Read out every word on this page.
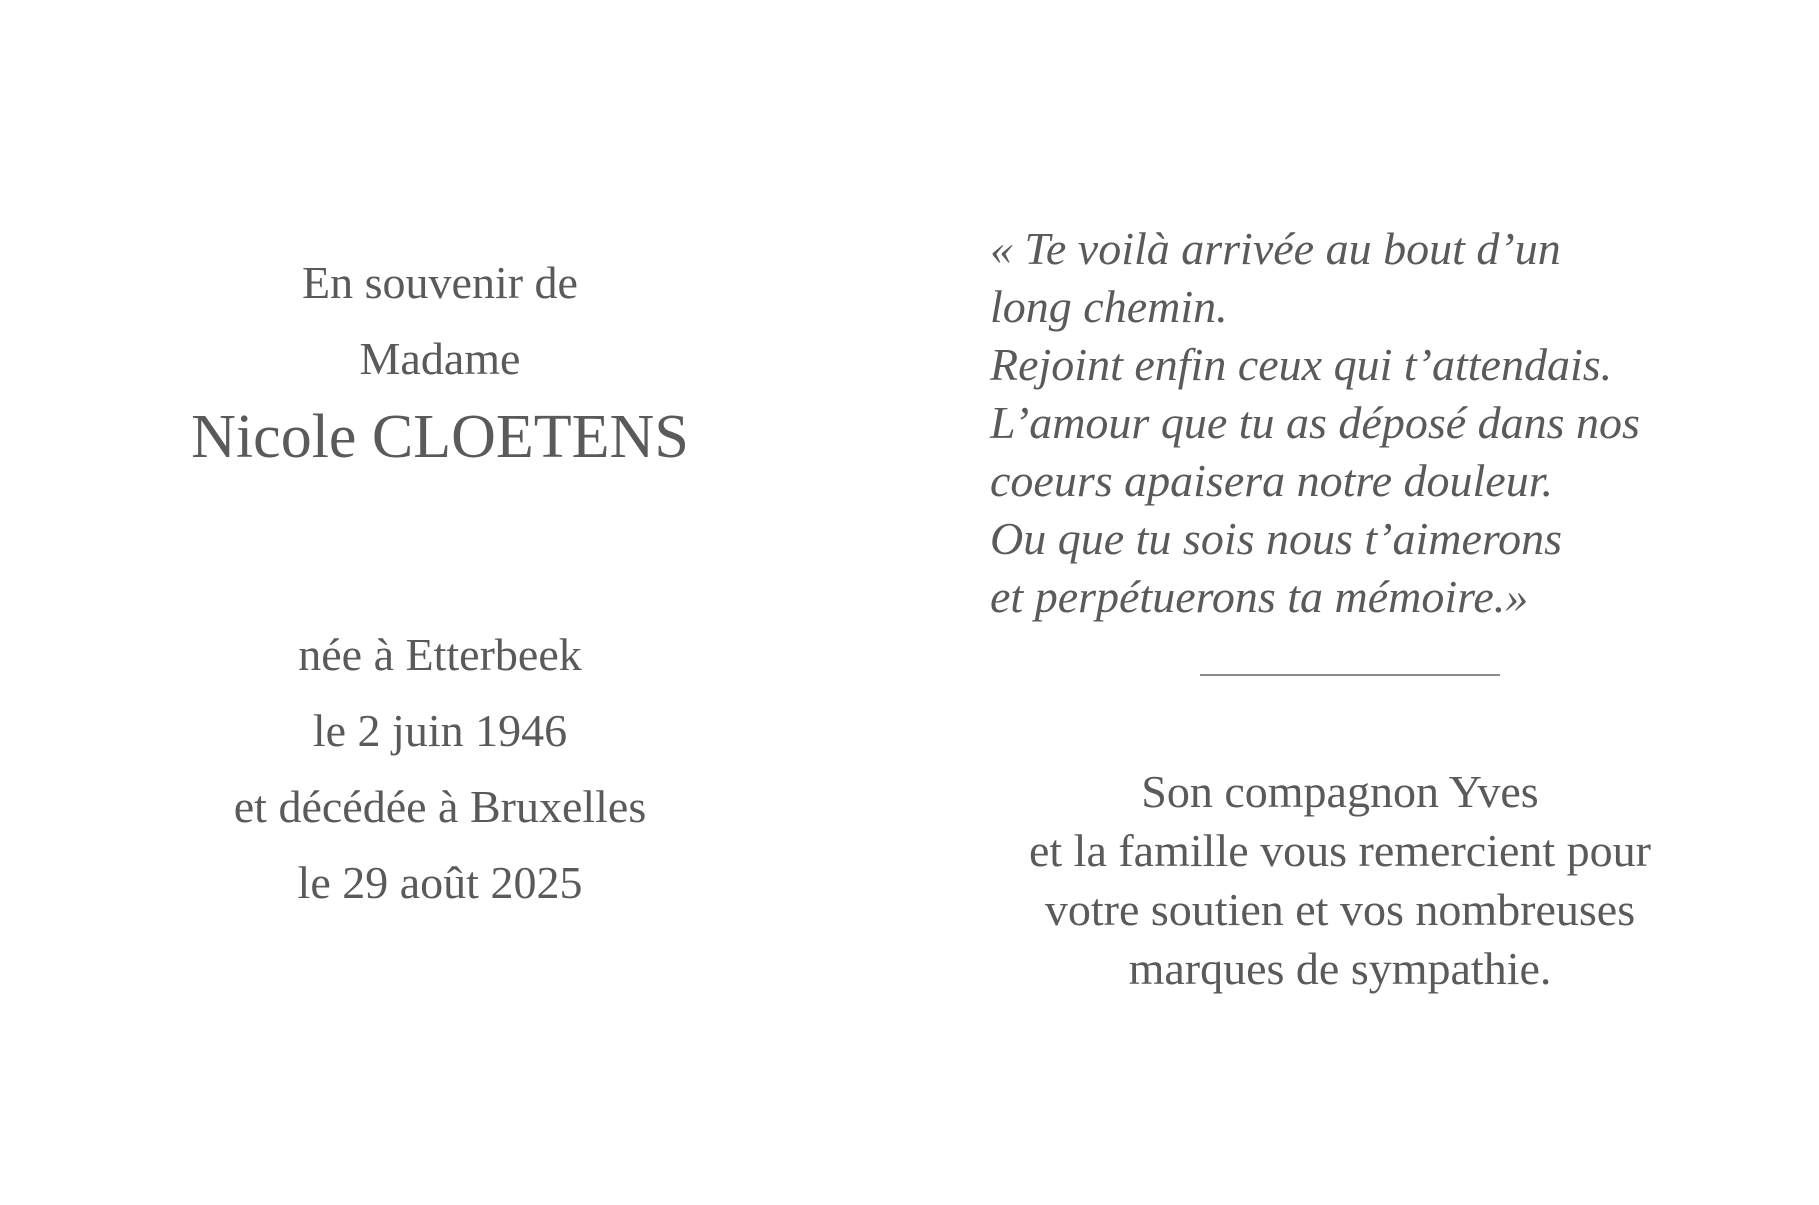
En souvenir de
Madame
Nicole CLOETENS
née à Etterbeek
le 2 juin 1946
et décédée à Bruxelles
le 29 août 2025
« Te voilà arrivée au bout d’un
long chemin.
Rejoint enfin ceux qui t’attendais.
L’amour que tu as déposé dans nos
coeurs apaisera notre douleur.
Ou que tu sois nous t’aimerons
et perpétuerons ta mémoire.»
Son compagnon Yves
et la famille vous remercient pour
votre soutien et vos nombreuses
marques de sympathie.
